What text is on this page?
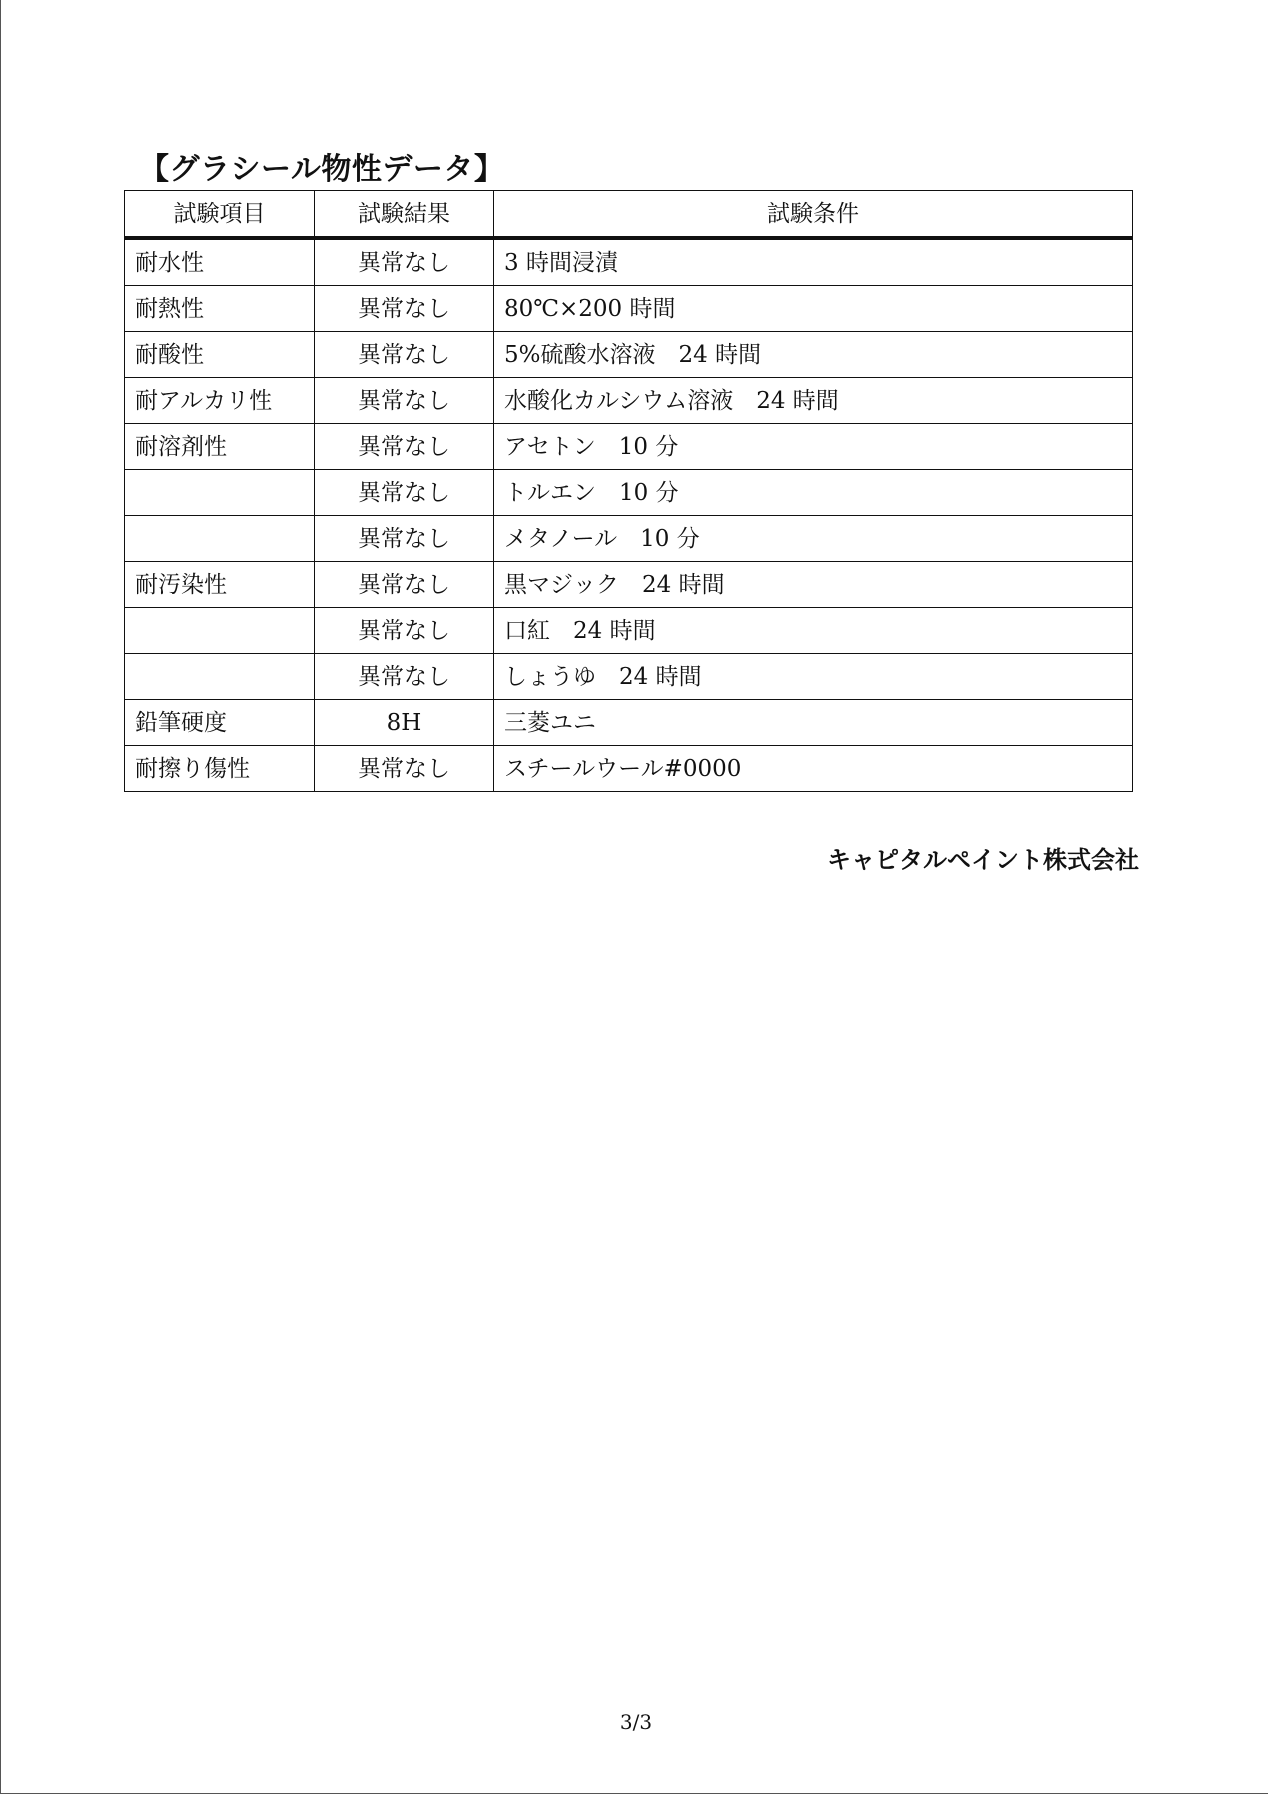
【グラシール物性データ】
試験項目	試験結果	試験条件
耐水性	異常なし	3 時間浸漬
耐熱性	異常なし	80℃×200 時間
耐酸性	異常なし	5%硫酸水溶液　24 時間
耐アルカリ性	異常なし	水酸化カルシウム溶液　24 時間
耐溶剤性	異常なし	アセトン　10 分
	異常なし	トルエン　10 分
	異常なし	メタノール　10 分
耐汚染性	異常なし	黒マジック　24 時間
	異常なし	口紅　24 時間
	異常なし	しょうゆ　24 時間
鉛筆硬度	8H	三菱ユニ
耐擦り傷性	異常なし	スチールウール#0000
キャピタルペイント株式会社
3/3
